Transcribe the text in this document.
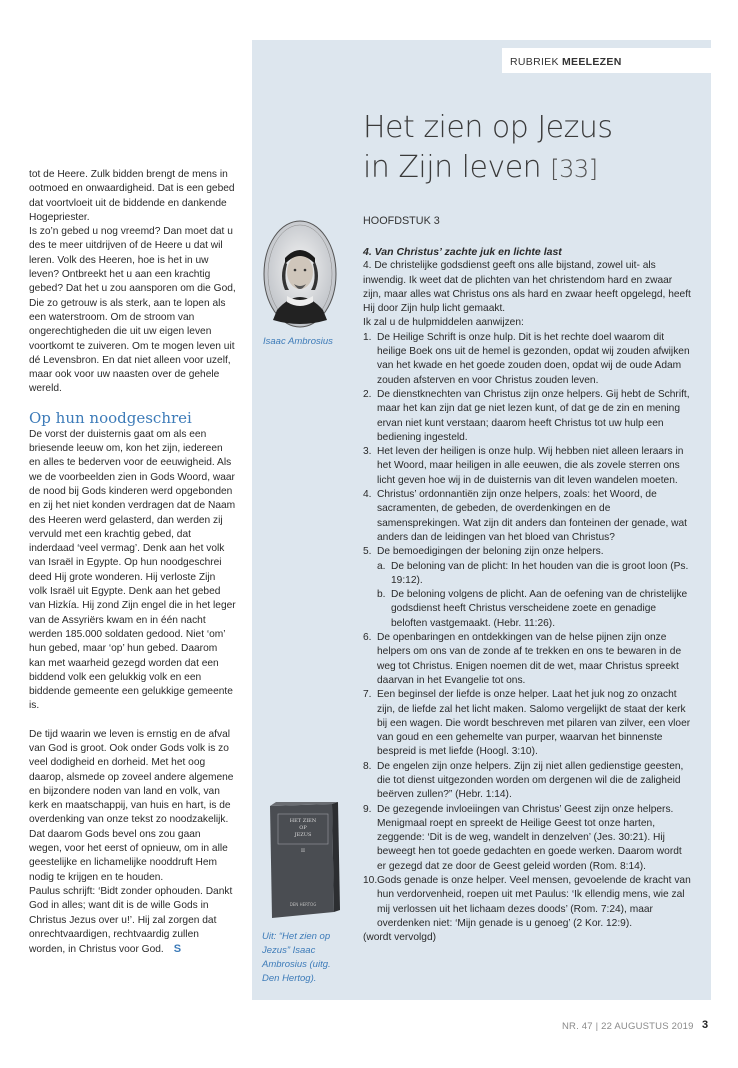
tot de Heere. Zulk bidden brengt de mens in ootmoed en onwaardigheid. Dat is een gebed dat voortvloeit uit de biddende en dankende Hogepriester.

Is zo’n gebed u nog vreemd? Dan moet dat u des te meer uitdrijven of de Heere u dat wil leren. Volk des Heeren, hoe is het in uw leven? Ontbreekt het u aan een krachtig gebed? Dat het u zou aansporen om die God, Die zo getrouw is als sterk, aan te lopen als een waterstroom. Om de stroom van ongerechtigheden die uit uw eigen leven voortkomt te zuiveren. Om te mogen leven uit dé Levensbron. En dat niet alleen voor uzelf, maar ook voor uw naasten over de gehele wereld.

Op hun noodgeschrei

De vorst der duisternis gaat om als een briesende leeuw om, kon het zijn, iedereen en alles te bederven voor de eeuwigheid. Als we de voorbeelden zien in Gods Woord, waar de nood bij Gods kinderen werd opgebonden en zij het niet konden verdragen dat de Naam des Heeren werd gelasterd, dan werden zij vervuld met een krachtig gebed, dat inderdaad ‘veel vermag’. Denk aan het volk van Israël in Egypte. Op hun noodgeschrei deed Hij grote wonderen. Hij verloste Zijn volk Israël uit Egypte. Denk aan het gebed van Hizkía. Hij zond Zijn engel die in het leger van de Assyriërs kwam en in één nacht werden 185.000 soldaten gedood. Niet ‘om’ hun gebed, maar ‘op’ hun gebed. Daarom kan met waarheid gezegd worden dat een biddend volk een gelukkig volk en een biddende gemeente een gelukkige gemeente is.

De tijd waarin we leven is ernstig en de afval van God is groot. Ook onder Gods volk is zo veel dodigheid en dorheid. Met het oog daarop, alsmede op zoveel andere algemene en bijzondere noden van land en volk, van kerk en maatschappij, van huis en hart, is de overdenking van onze tekst zo noodzakelijk. Dat daarom Gods bevel ons zou gaan wegen, voor het eerst of opnieuw, om in alle geestelijke en lichamelijke nooddruft Hem nodig te krijgen en te houden.

Paulus schrijft: ‘Bidt zonder ophouden. Dankt God in alles; want dit is de wille Gods in Christus Jezus over u!’. Hij zal zorgen dat onrechtvaardigen, rechtvaardig zullen worden, in Christus voor God. S

RUBRIEK MEELEZEN
Het zien op Jezus
in Zijn leven [33]
HOOFDSTUK 3
Isaac Ambrosius
HET ZIEN
OP
JEZUS
II
DEN HERTOG
Uit: “Het zien op Jezus” Isaac Ambrosius (uitg. Den Hertog).
4. Van Christus’ zachte juk en lichte last

4. De christelijke godsdienst geeft ons alle bijstand, zowel uit- als inwendig. Ik weet dat de plichten van het christendom hard en zwaar zijn, maar alles wat Christus ons als hard en zwaar heeft opgelegd, heeft Hij door Zijn hulp licht gemaakt.

Ik zal u de hulpmiddelen aanwijzen:

1. De Heilige Schrift is onze hulp. Dit is het rechte doel waarom dit heilige Boek ons uit de hemel is gezonden, opdat wij zouden afwijken van het kwade en het goede zouden doen, opdat wij de oude Adam zouden afsterven en voor Christus zouden leven.
2. De dienstknechten van Christus zijn onze helpers. Gij hebt de Schrift, maar het kan zijn dat ge niet lezen kunt, of dat ge de zin en mening ervan niet kunt verstaan; daarom heeft Christus tot uw hulp een bediening ingesteld.
3. Het leven der heiligen is onze hulp. Wij hebben niet alleen leraars in het Woord, maar heiligen in alle eeuwen, die als zovele sterren ons licht geven hoe wij in de duisternis van dit leven wandelen moeten.
4. Christus’ ordonnantiën zijn onze helpers, zoals: het Woord, de sacramenten, de gebeden, de overdenkingen en de samensprekingen. Wat zijn dit anders dan fonteinen der genade, wat anders dan de leidingen van het bloed van Christus?
5. De bemoedigingen der beloning zijn onze helpers.
a. De beloning van de plicht: In het houden van die is groot loon (Ps. 19:12).
b. De beloning volgens de plicht. Aan de oefening van de christelijke godsdienst heeft Christus verscheidene zoete en genadige beloften vastgemaakt. (Hebr. 11:26).
6. De openbaringen en ontdekkingen van de helse pijnen zijn onze helpers om ons van de zonde af te trekken en ons te bewaren in de weg tot Christus. Enigen noemen dit de wet, maar Christus spreekt daarvan in het Evangelie tot ons.
7. Een beginsel der liefde is onze helper. Laat het juk nog zo onzacht zijn, de liefde zal het licht maken. Salomo vergelijkt de staat der kerk bij een wagen. Die wordt beschreven met pilaren van zilver, een vloer van goud en een gehemelte van purper, waarvan het binnenste bespreid is met liefde (Hoogl. 3:10).
8. De engelen zijn onze helpers. Zijn zij niet allen gedienstige geesten, die tot dienst uitgezonden worden om dergenen wil die de zaligheid beërven zullen?” (Hebr. 1:14).
9. De gezegende invloeiingen van Christus’ Geest zijn onze helpers. Menigmaal roept en spreekt de Heilige Geest tot onze harten, zeggende: ‘Dit is de weg, wandelt in denzelven’ (Jes. 30:21). Hij beweegt hen tot goede gedachten en goede werken. Daarom wordt er gezegd dat ze door de Geest geleid worden (Rom. 8:14).
10. Gods genade is onze helper. Veel mensen, gevoelende de kracht van hun verdorvenheid, roepen uit met Paulus: ‘Ik ellendig mens, wie zal mij verlossen uit het lichaam dezes doods’ (Rom. 7:24), maar overdenken niet: ‘Mijn genade is u genoeg’ (2 Kor. 12:9).

(wordt vervolgd)

NR. 47 | 22 AUGUSTUS 2019 3
